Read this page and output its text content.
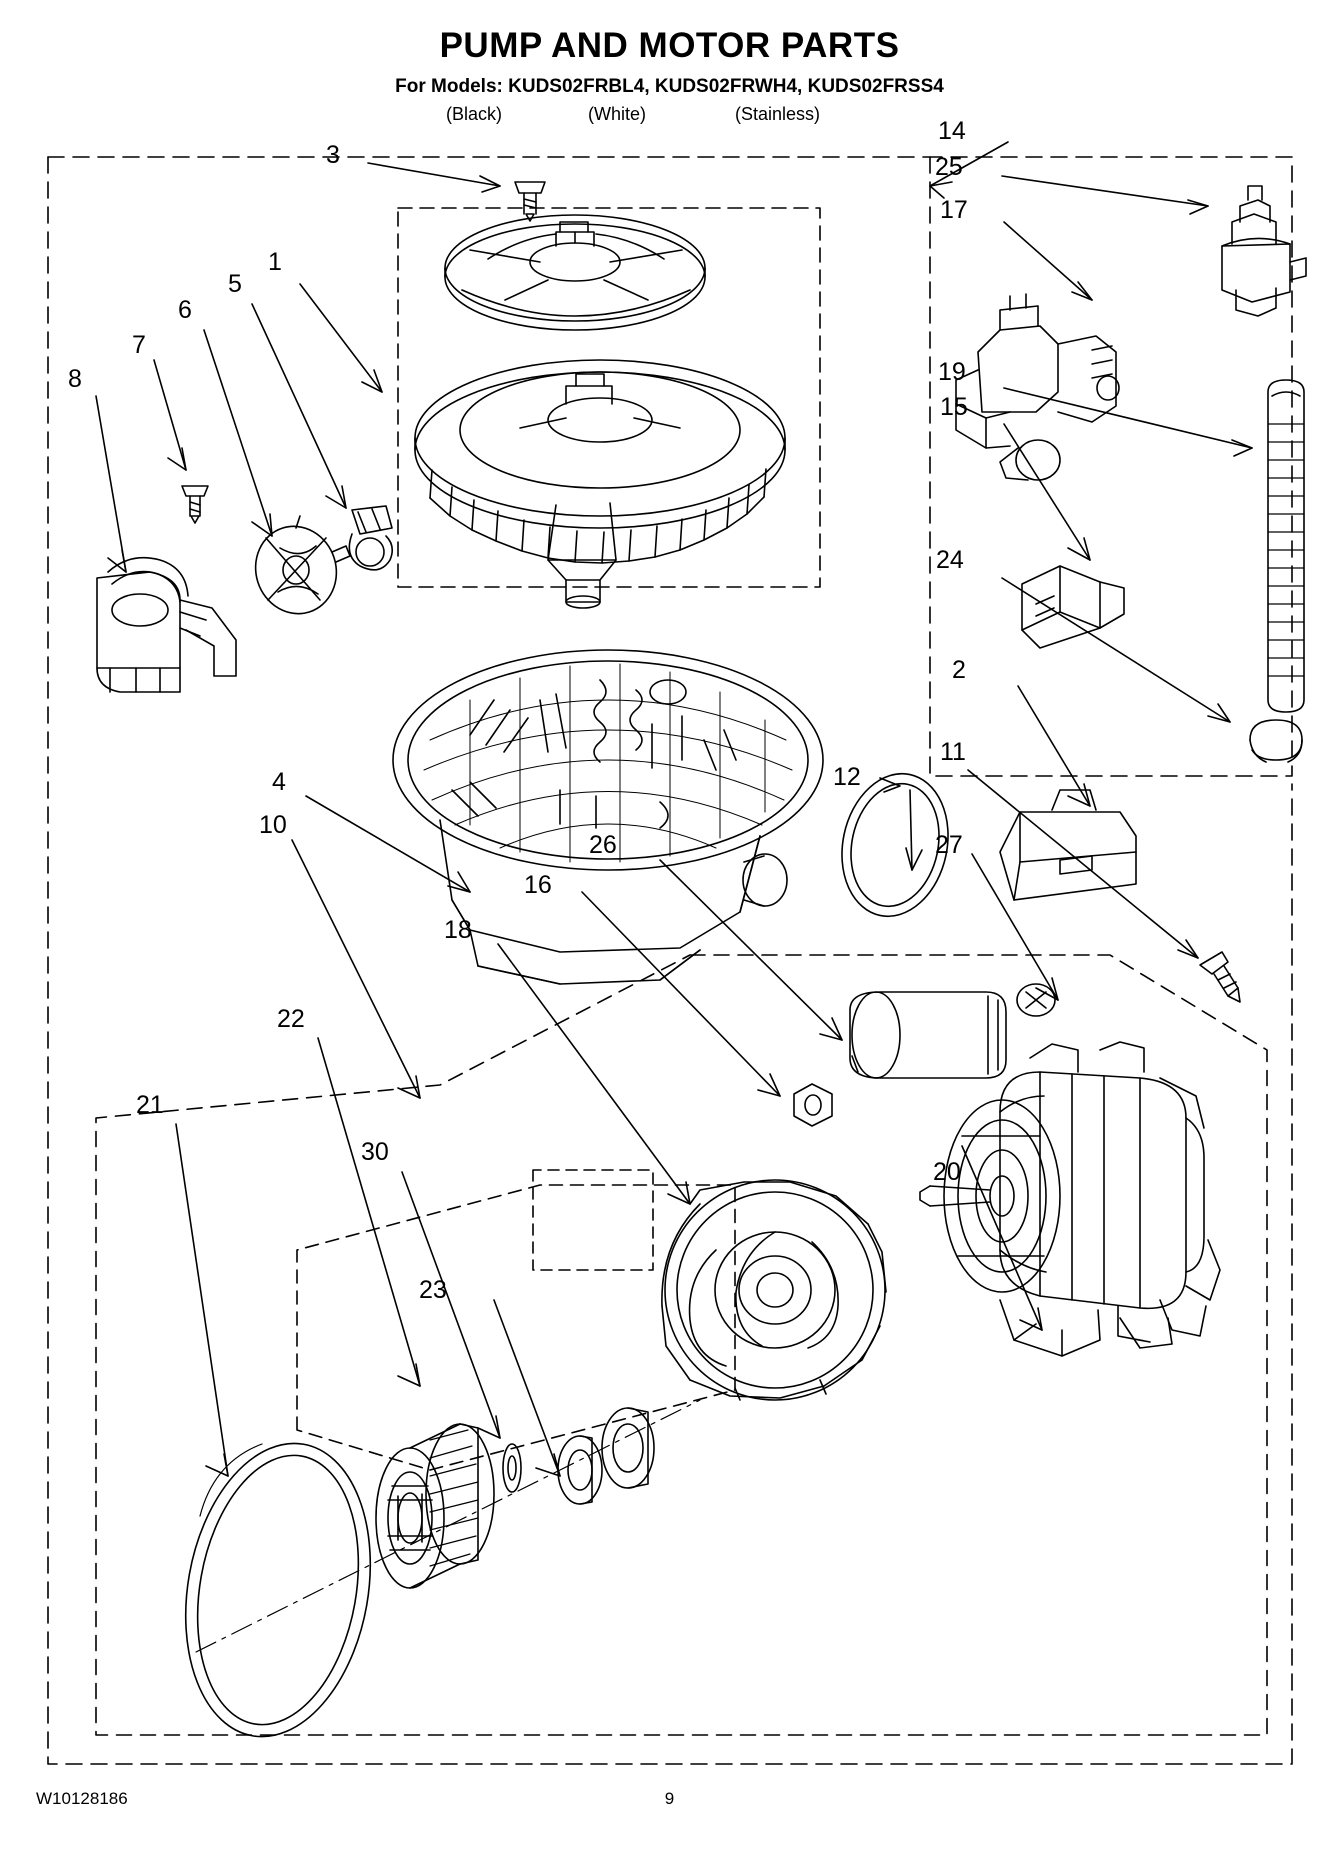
PUMP AND MOTOR PARTS
For Models: KUDS02FRBL4, KUDS02FRWH4, KUDS02FRSS4
(Black)	(White)	(Stainless)
1
2
3
4
5
6
7
8
10
11
12
14
15
16
17
18
19
20
21
22
23
24
25
26	27
30
W10128186	9
